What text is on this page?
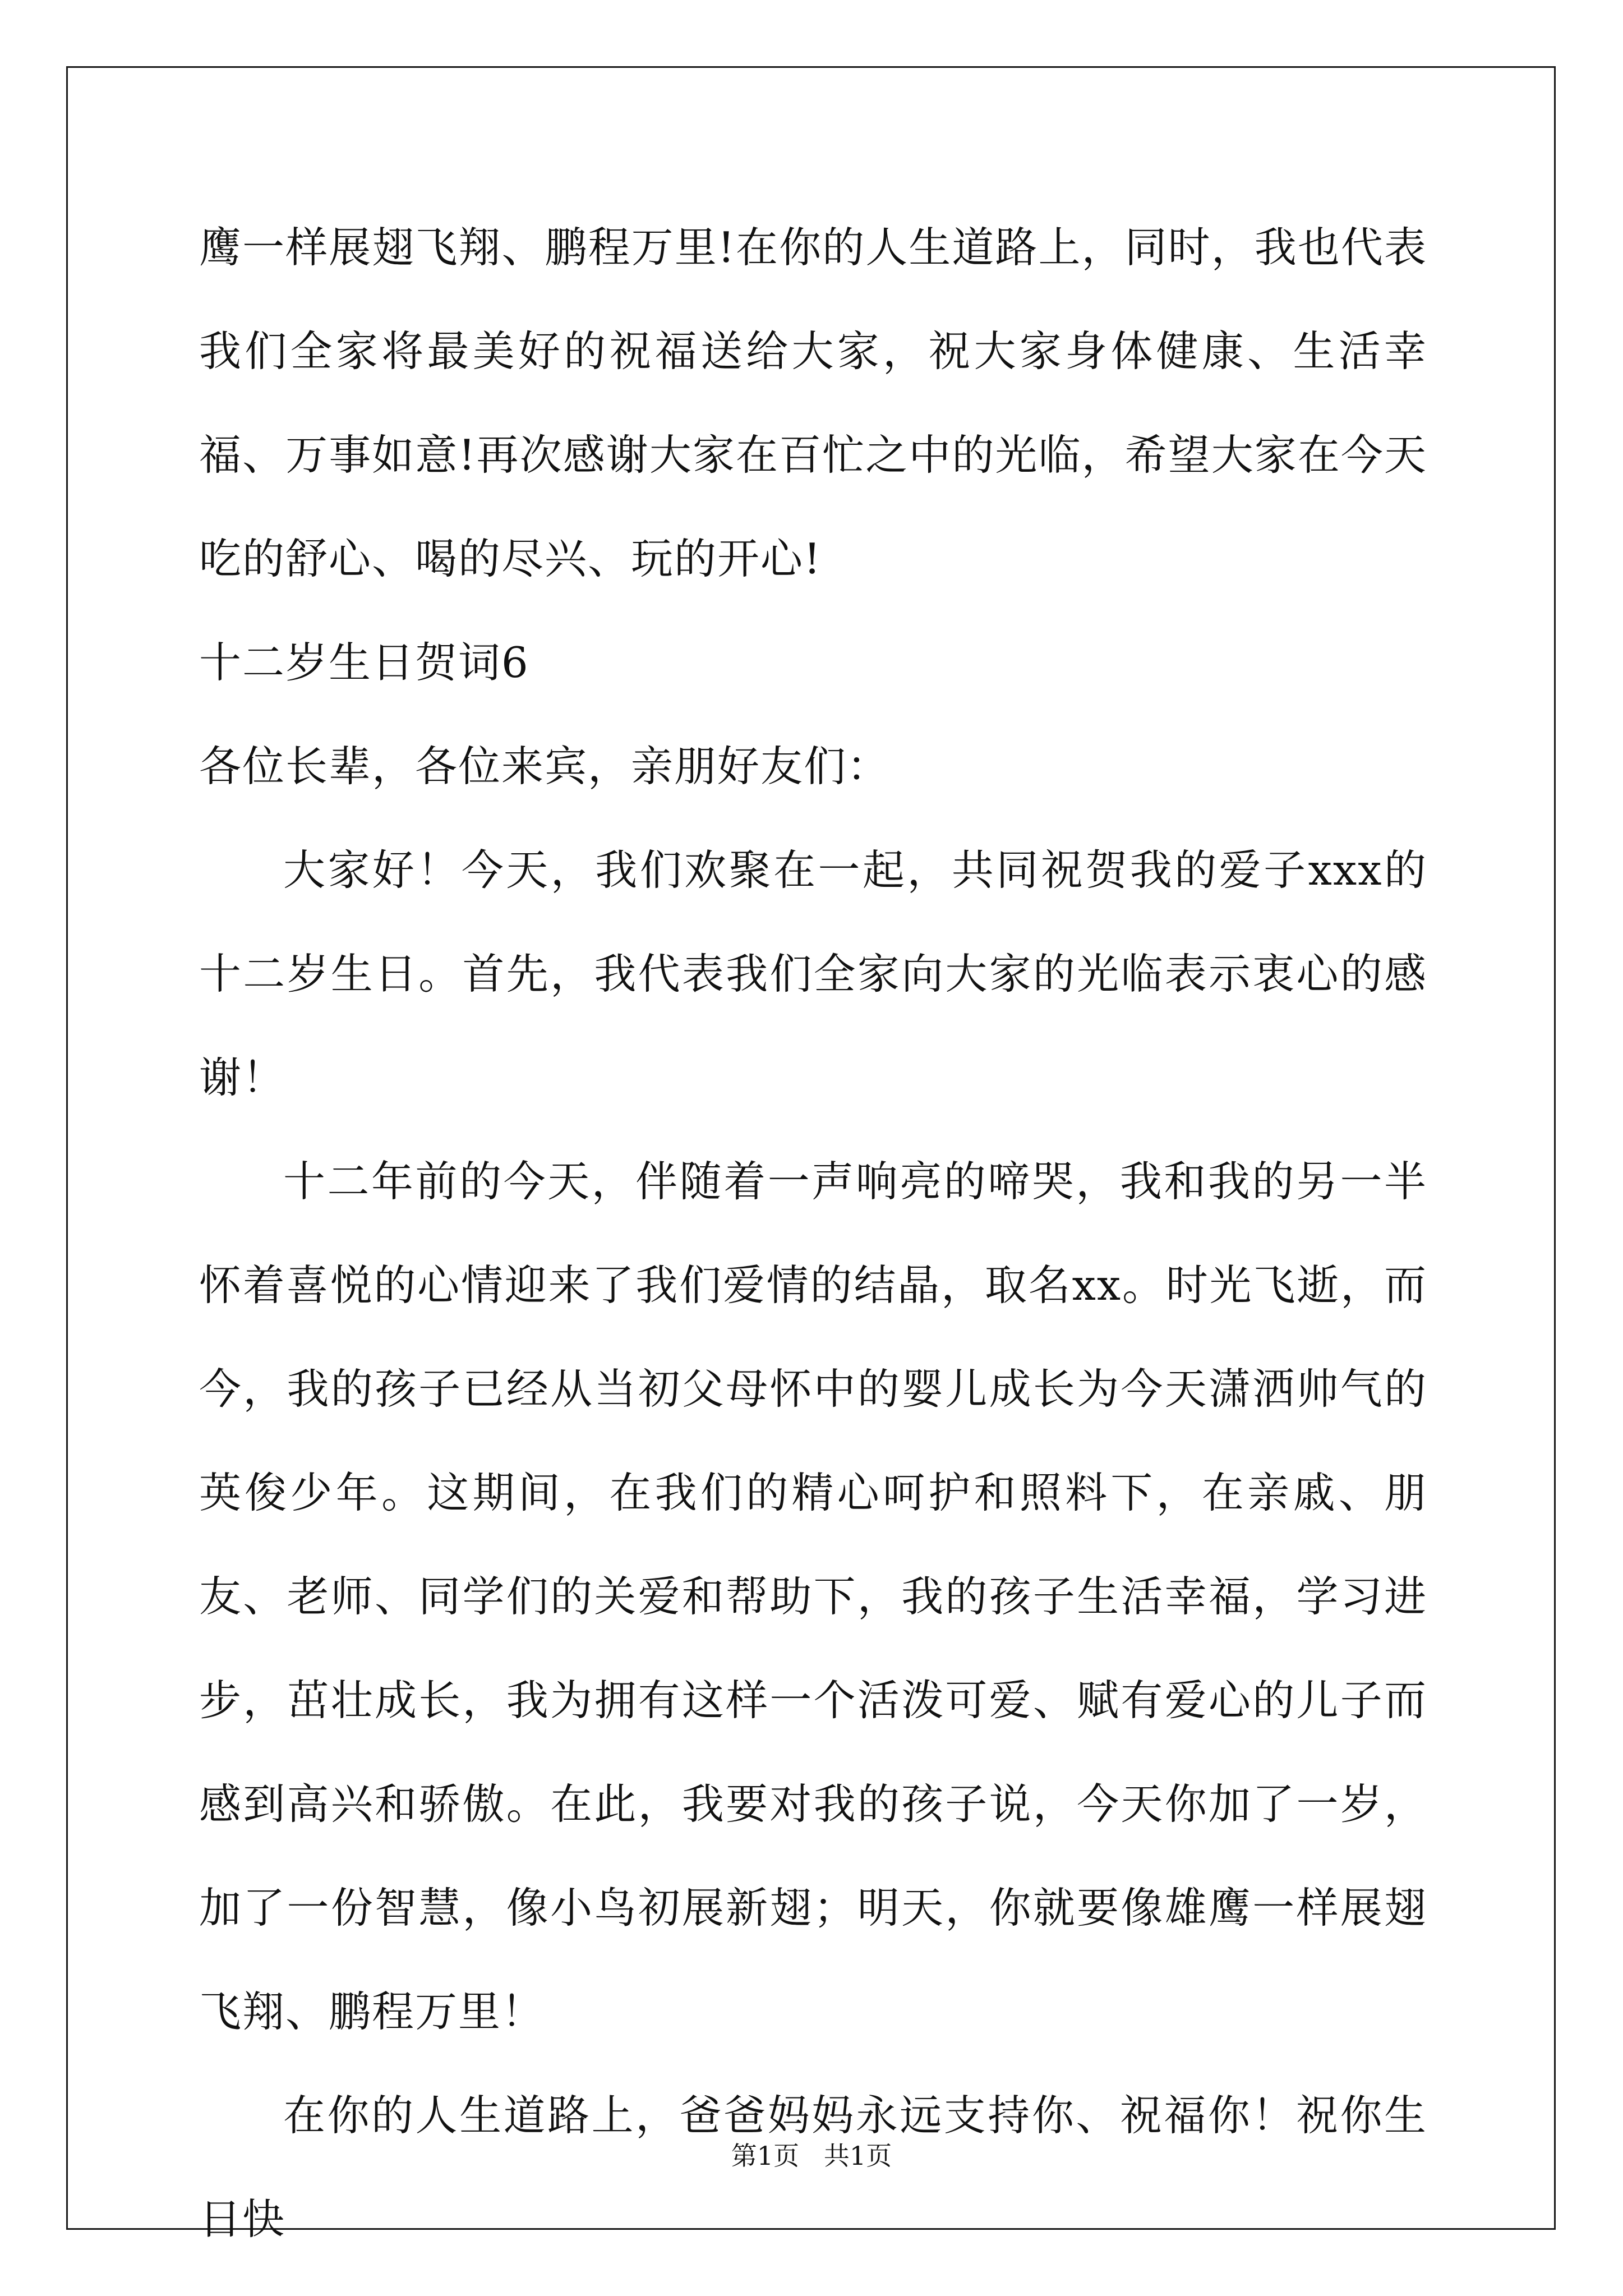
鹰一样展翅飞翔、鹏程万里!在你的人生道路上，同时，我也代表我们全家将最美好的祝福送给大家，祝大家身体健康、生活幸福、万事如意!再次感谢大家在百忙之中的光临，希望大家在今天吃的舒心、喝的尽兴、玩的开心!

十二岁生日贺词6

各位长辈，各位来宾，亲朋好友们：

大家好！今天，我们欢聚在一起，共同祝贺我的爱子xxx的十二岁生日。首先，我代表我们全家向大家的光临表示衷心的感谢！

十二年前的今天，伴随着一声响亮的啼哭，我和我的另一半怀着喜悦的心情迎来了我们爱情的结晶，取名xx。时光飞逝，而今，我的孩子已经从当初父母怀中的婴儿成长为今天潇洒帅气的英俊少年。这期间，在我们的精心呵护和照料下，在亲戚、朋友、老师、同学们的关爱和帮助下，我的孩子生活幸福，学习进步，茁壮成长，我为拥有这样一个活泼可爱、赋有爱心的儿子而感到高兴和骄傲。在此，我要对我的孩子说，今天你加了一岁，加了一份智慧，像小鸟初展新翅；明天，你就要像雄鹰一样展翅飞翔、鹏程万里！

在你的人生道路上，爸爸妈妈永远支持你、祝福你！祝你生日快

第1页   共1页
